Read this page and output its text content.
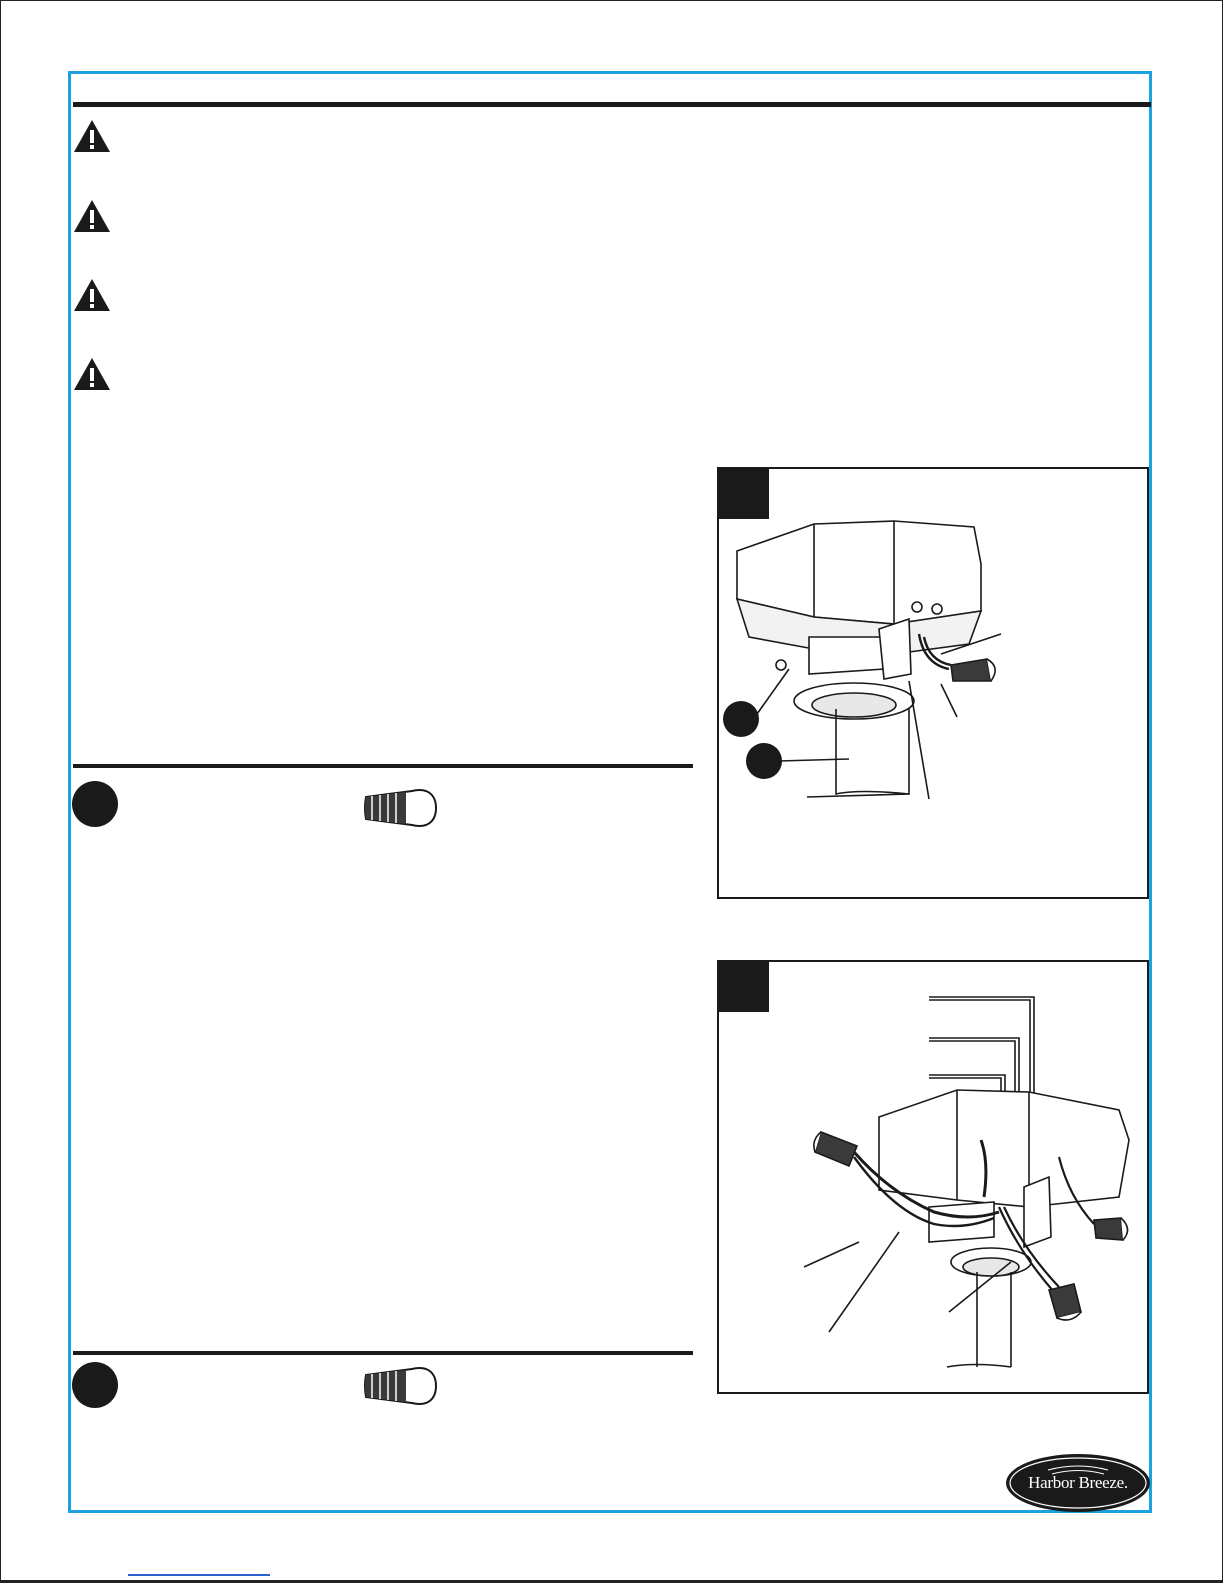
Harbor Breeze.
